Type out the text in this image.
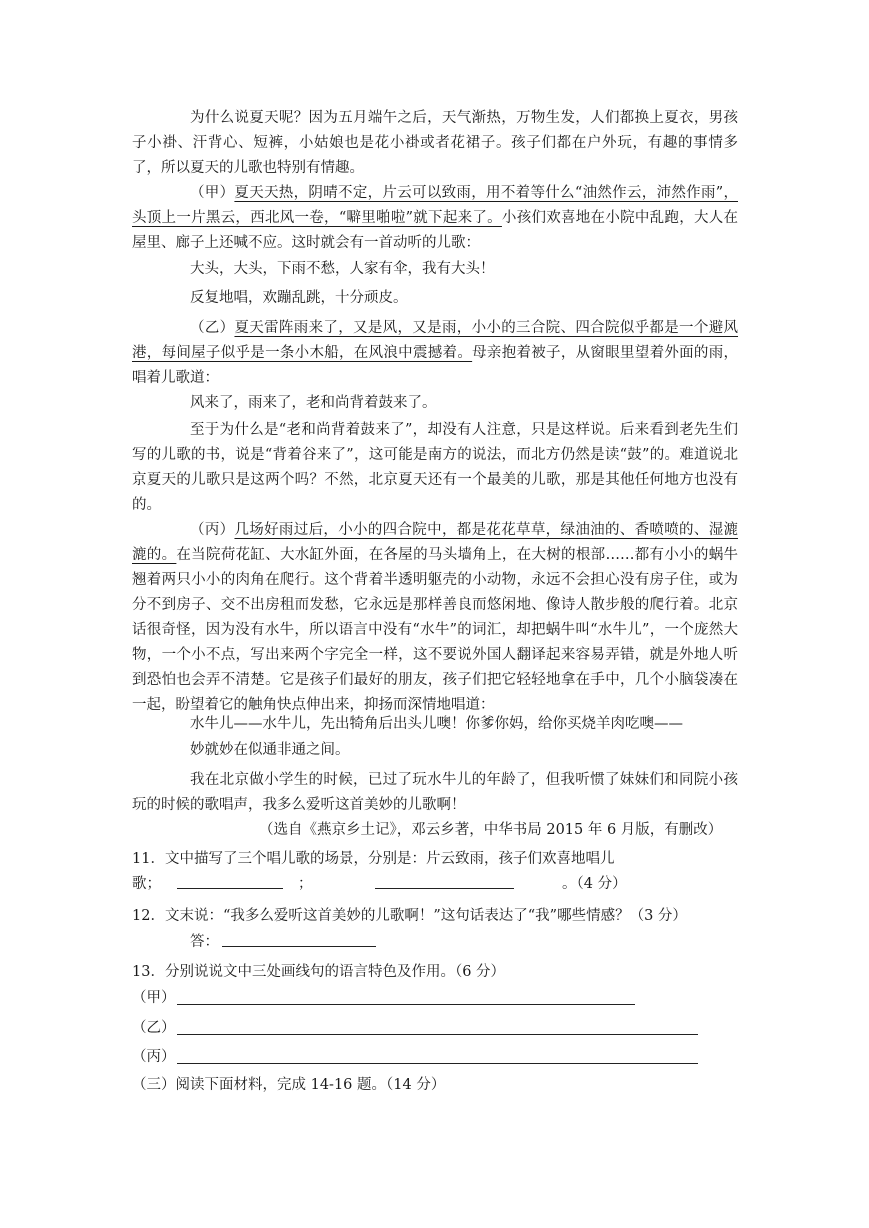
为什么说夏天呢？因为五月端午之后，天气渐热，万物生发，人们都换上夏衣，男孩子小褂、汗背心、短裤，小姑娘也是花小褂或者花裙子。孩子们都在户外玩，有趣的事情多了，所以夏天的儿歌也特别有情趣。

（甲）夏天天热，阴晴不定，片云可以致雨，用不着等什么“油然作云，沛然作雨”，头顶上一片黑云，西北风一卷，“噼里啪啦”就下起来了。小孩们欢喜地在小院中乱跑，大人在屋里、廊子上还喊不应。这时就会有一首动听的儿歌：

大头，大头，下雨不愁，人家有伞，我有大头！

反复地唱，欢蹦乱跳，十分顽皮。

（乙）夏天雷阵雨来了，又是风，又是雨，小小的三合院、四合院似乎都是一个避风港，每间屋子似乎是一条小木船，在风浪中震撼着。母亲抱着被子，从窗眼里望着外面的雨，唱着儿歌道：

风来了，雨来了，老和尚背着鼓来了。

至于为什么是“老和尚背着鼓来了”，却没有人注意，只是这样说。后来看到老先生们写的儿歌的书，说是“背着谷来了”，这可能是南方的说法，而北方仍然是读“鼓”的。难道说北京夏天的儿歌只是这两个吗？不然，北京夏天还有一个最美的儿歌，那是其他任何地方也没有的。

（丙）几场好雨过后，小小的四合院中，都是花花草草，绿油油的、香喷喷的、湿漉漉的。在当院荷花缸、大水缸外面，在各屋的马头墙角上，在大树的根部……都有小小的蜗牛翘着两只小小的肉角在爬行。这个背着半透明躯壳的小动物，永远不会担心没有房子住，或为分不到房子、交不出房租而发愁，它永远是那样善良而悠闲地、像诗人散步般的爬行着。北京话很奇怪，因为没有水牛，所以语言中没有“水牛”的词汇，却把蜗牛叫“水牛儿”，一个庞然大物，一个小不点，写出来两个字完全一样，这不要说外国人翻译起来容易弄错，就是外地人听到恐怕也会弄不清楚。它是孩子们最好的朋友，孩子们把它轻轻地拿在手中，几个小脑袋凑在一起，盼望着它的触角快点伸出来，抑扬而深情地唱道：

水牛儿——水牛儿，先出犄角后出头儿噢！你爹你妈，给你买烧羊肉吃噢——

妙就妙在似通非通之间。

我在北京做小学生的时候，已过了玩水牛儿的年龄了，但我听惯了妹妹们和同院小孩玩的时候的歌唱声，我多么爱听这首美妙的儿歌啊！

（选自《燕京乡土记》，邓云乡著，中华书局 2015 年 6 月版，有删改）

11．文中描写了三个唱儿歌的场景，分别是：片云致雨，孩子们欢喜地唱儿

歌；	；	。（4 分）

12．文末说：“我多么爱听这首美妙的儿歌啊！”这句话表达了“我”哪些情感？（3 分）

答：

13．分别说说文中三处画线句的语言特色及作用。（6 分）

（甲）

（乙）

（丙）

（三）阅读下面材料，完成 14-16 题。（14 分）
